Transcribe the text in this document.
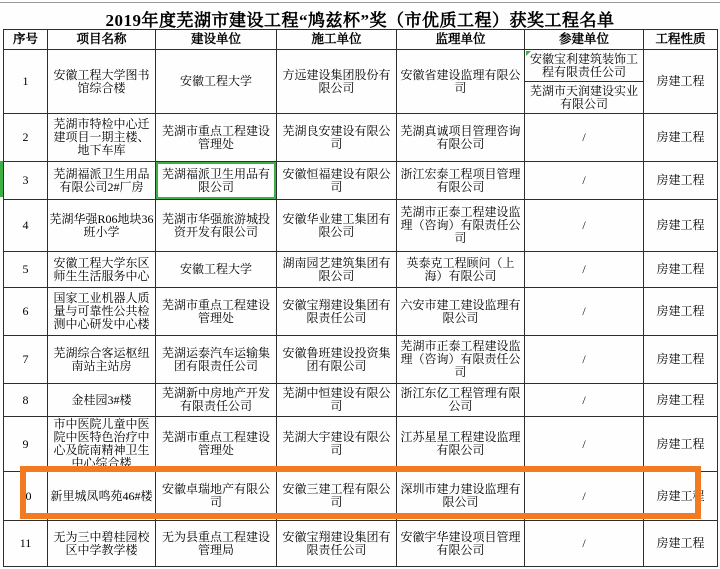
2019年度芜湖市建设工程“鸠兹杯”奖（市优质工程）获奖工程名单
序号	项目名称	建设单位	施工单位	监理单位	参建单位	工程性质
1	安徽工程大学图书馆综合楼	安徽工程大学	方远建设集团股份有限公司	安徽省建设监理有限公司	安徽宝利建筑装饰工程有限责任公司	房建工程
					芜湖市天润建设实业有限公司	
2	芜湖市特检中心迁建项目一期主楼、地下车库	芜湖市重点工程建设管理处	芜湖良安建设有限公司	芜湖真诚项目管理咨询有限公司	/	房建工程
3	芜湖福派卫生用品有限公司2#厂房	芜湖福派卫生用品有限公司	安徽恒福建设有限公司	浙江宏泰工程项目管理有限公司	/	房建工程
4	芜湖华强R06地块36班小学	芜湖市华强旅游城投资开发有限公司	安徽华业建工集团有限公司	芜湖市正泰工程建设监理（咨询）有限责任公司	/	房建工程
5	安徽工程大学东区师生生活服务中心	安徽工程大学	湖南园艺建筑集团有限公司	英泰克工程顾问（上海）有限公司	/	房建工程
6	国家工业机器人质量与可靠性公共检测中心研发中心楼	芜湖市重点工程建设管理处	安徽宝翔建设集团有限责任公司	六安市建工建设监理有限公司	/	房建工程
7	芜湖综合客运枢纽南站主站房	芜湖运泰汽车运输集团有限责任公司	安徽鲁班建设投资集团有限公司	芜湖市正泰工程建设监理（咨询）有限责任公司	/	房建工程
8	金桂园3#楼	芜湖新中房地产开发有限责任公司	芜湖中恒建设有限公司	浙江东亿工程管理有限公司	/	房建工程
9	市中医院儿童中医院中医特色治疗中心及皖南精神卫生中心综合楼	芜湖市重点工程建设管理处	芜湖大宇建设有限公司	江苏星星工程建设监理有限公司	/	房建工程
10	新里城凤鸣苑46#楼	安徽卓瑞地产有限公司	安徽三建工程有限公司	深圳市建力建设监理有限公司	/	房建工程
11	无为三中碧桂园校区中学教学楼	无为县重点工程建设管理局	安徽宝翔建设集团有限责任公司	安徽宇华建设项目管理有限公司	/	房建工程
